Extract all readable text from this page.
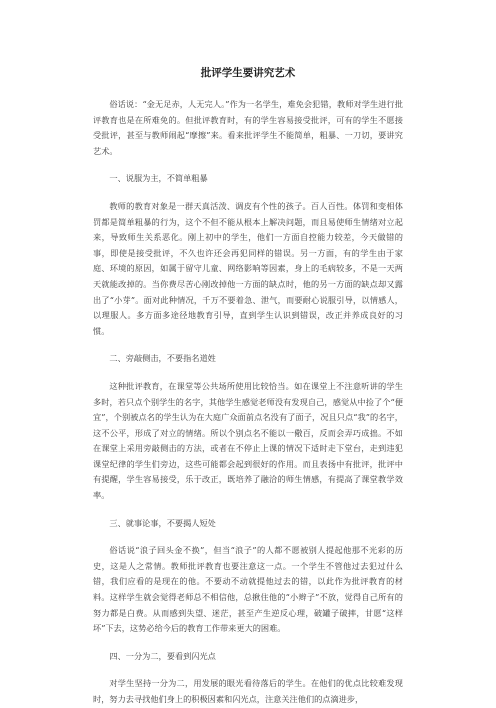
批评学生要讲究艺术

俗话说：“金无足赤，人无完人。”作为一名学生，难免会犯错，教师对学生进行批评教育也是在所难免的。但批评教育时，有的学生容易接受批评，可有的学生不愿接受批评，甚至与教师闹起“摩擦”来。看来批评学生不能简单，粗暴、一刀切，要讲究艺术。

一、说服为主，不简单粗暴

教师的教育对象是一群天真活泼、调皮有个性的孩子。百人百性。体罚和变相体罚都是简单粗暴的行为，这个不但不能从根本上解决问题，而且易使师生情绪对立起来，导致师生关系恶化。刚上初中的学生，他们一方面自控能力较差，今天做错的事，即使是接受批评，不久也许还会再犯同样的错误。另一方面，有的学生由于家庭、环境的原因，如属于留守儿童、网络影响等因素，身上的毛病较多，不是一天两天就能改掉的。当你费尽苦心刚改掉他一方面的缺点时，他的另一方面的缺点却又露出了“小芽”。面对此种情况，千万不要着急、泄气，而要耐心说服引导，以情感人，以理服人。多方面多途径地教育引导，直到学生认识到错误，改正并养成良好的习惯。

二、旁敲侧击，不要指名道姓

这种批评教育，在课堂等公共场所使用比较恰当。如在课堂上不注意听讲的学生多时，若只点个别学生的名字，其他学生感觉老师没有发现自己，感觉从中捡了个“便宜”，个别被点名的学生认为在大庭广众面前点名没有了面子，况且只点“我”的名字，这不公平，形成了对立的情绪。所以个别点名不能以一儆百，反而会弄巧成拙。不如在课堂上采用旁敲侧击的方法，或者在不停止上课的情况下适时走下堂台，走到违犯课堂纪律的学生们旁边，这些可能都会起到很好的作用。而且表扬中有批评，批评中有提醒，学生容易接受，乐于改正，既培养了融洽的师生情感，有提高了课堂教学效率。

三、就事论事，不要揭人短处

俗话说“浪子回头金不换”，但当“浪子”的人都不愿被别人提起他那不光彩的历史，这是人之常情。教师批评教育也要注意这一点。一个学生不管他过去犯过什么错，我们应看的是现在的他。不要动不动就提他过去的错，以此作为批评教育的材料。这样学生就会觉得老师总不相信他，总揪住他的“小辫子”不放，觉得自己所有的努力都是白费。从而感到失望、迷茫，甚至产生逆反心理，破罐子破摔，甘愿“这样坏”下去，这势必给今后的教育工作带来更大的困难。

四、一分为二，要看到闪光点

对学生坚持一分为二，用发展的眼光看待落后的学生。在他们的优点比较难发现时，努力去寻找他们身上的积极因素和闪光点，注意关注他们的点滴进步，
